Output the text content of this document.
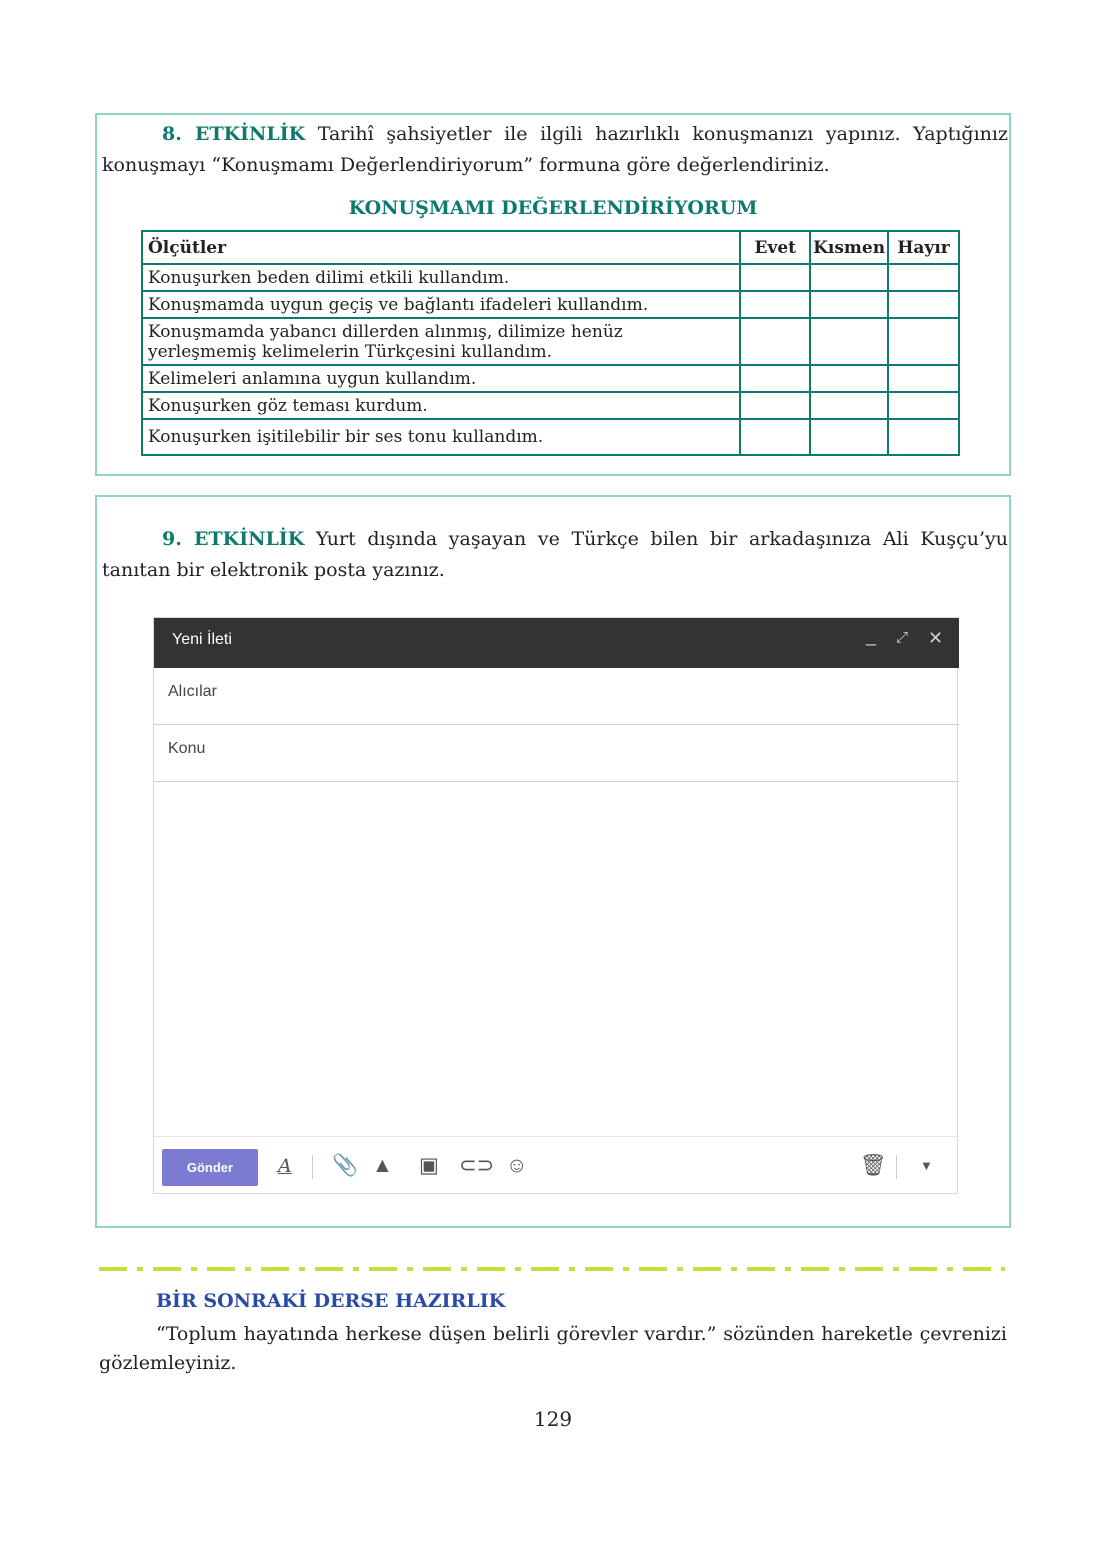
8. ETKİNLİK Tarihî şahsiyetler ile ilgili hazırlıklı konuşmanızı yapınız. Yaptığınız konuşmayı “Konuşmamı Değerlendiriyorum” formuna göre değerlendiriniz.

KONUŞMAMI DEĞERLENDİRİYORUM
Ölçütler	Evet	Kısmen	Hayır
Konuşurken beden dilimi etkili kullandım.			
Konuşmamda uygun geçiş ve bağlantı ifadeleri kullandım.			
Konuşmamda yabancı dillerden alınmış, dilimize henüz yerleşmemiş kelimelerin Türkçesini kullandım.			
Kelimeleri anlamına uygun kullandım.			
Konuşurken göz teması kurdum.			
Konuşurken işitilebilir bir ses tonu kullandım.			

9. ETKİNLİK Yurt dışında yaşayan ve Türkçe bilen bir arkadaşınıza Ali Kuşçu’yu tanıtan bir elektronik posta yazınız.

Yeni İleti	_ ⤢ ✕
Alıcılar
Konu
Gönder	A 📎 ▲ ▣ ⊂⊃ ☺	🗑	▼
BİR SONRAKİ DERSE HAZIRLIK

“Toplum hayatında herkese düşen belirli görevler vardır.” sözünden hareketle çevrenizi gözlemleyiniz.

129
